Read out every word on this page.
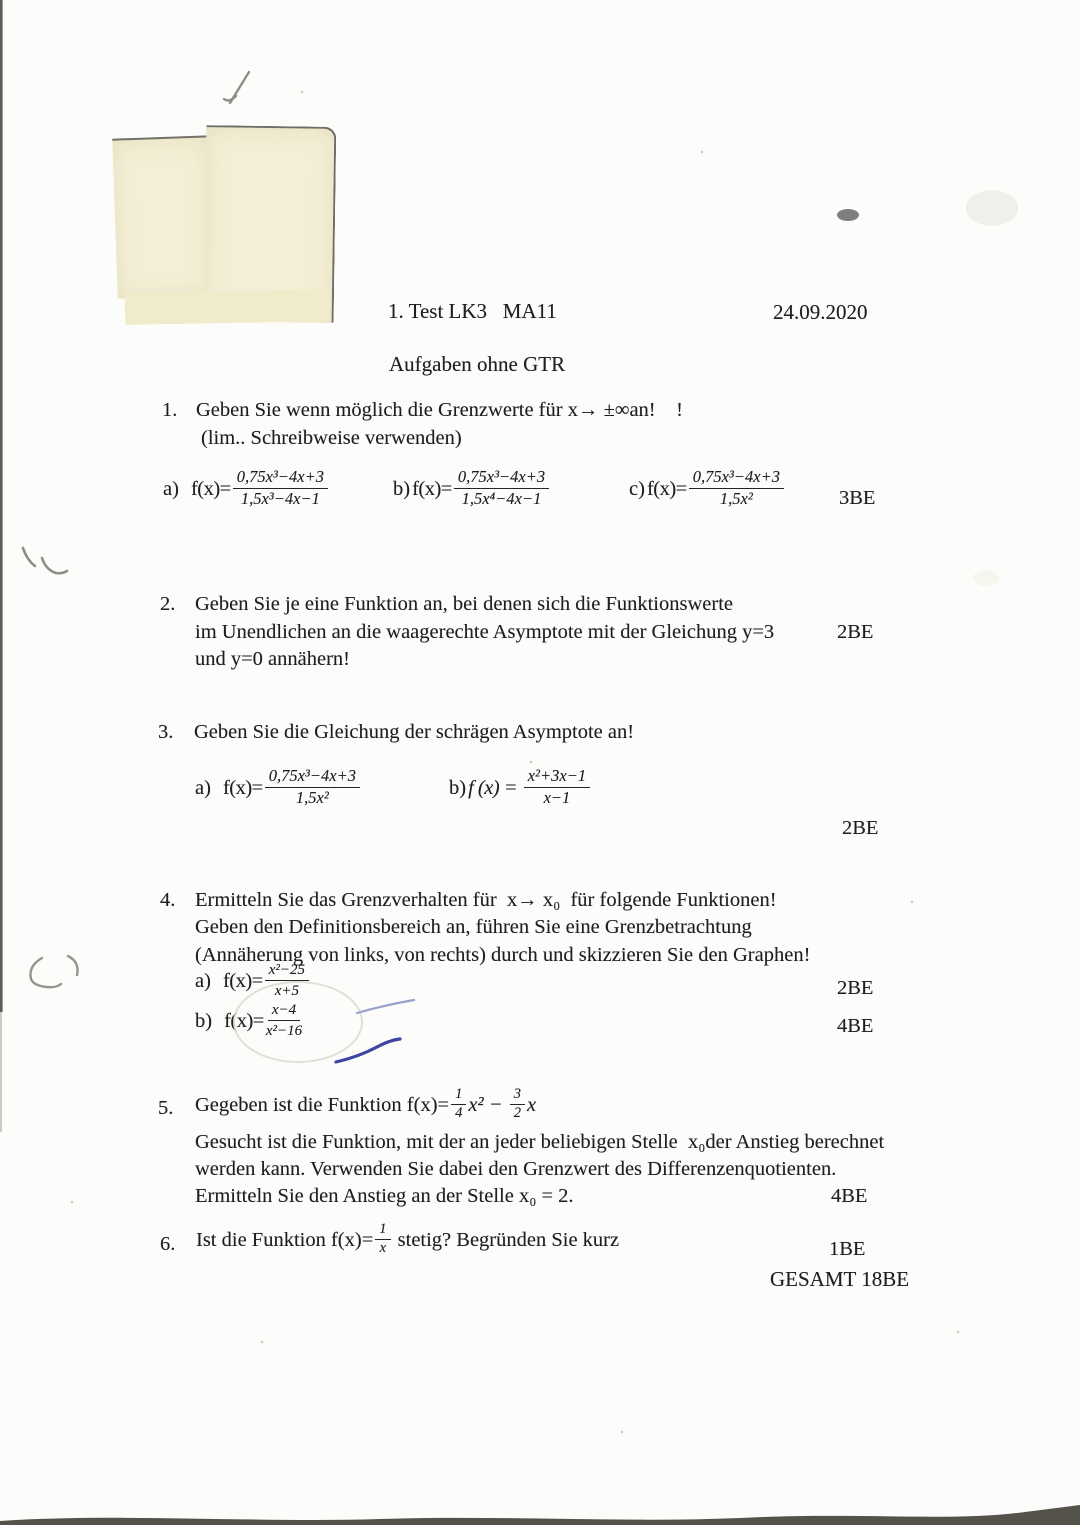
1. Test LK3   MA11	24.09.2020
Aufgaben ohne GTR
1. Geben Sie wenn möglich die Grenzwerte für x→ ±∞an!    !
(lim.. Schreibweise verwenden)
a) $f(x)= \frac{\text{0,75x³−4x+3}}{\text{1,5x³−4x−1}}$	b) $f(x)= \frac{\text{0,75x³−4x+3}}{\text{1,5x⁴−4x−1}}$	c) $f(x)= \frac{\text{0,75x³−4x+3}}{\text{1,5x²}}$	3BE
2. Geben Sie je eine Funktion an, bei denen sich die Funktionswerte
im Unendlichen an die waagerechte Asymptote mit der Gleichung y=3
und y=0 annähern!
2BE
3. Geben Sie die Gleichung der schrägen Asymptote an!
a) $f(x)= \frac{\text{0,75x³−4x+3}}{\text{1,5x²}}$	b) f $(x) = \frac{\text{x²+3x−1}}{x-1}$
2BE
4. Ermitteln Sie das Grenzverhalten für  x→ x₀  für folgende Funktionen!
Geben den Definitionsbereich an, führen Sie eine Grenzbetrachtung
(Annäherung von links, von rechts) durch und skizzieren Sie den Graphen!
a) $f(x)= \frac{\text{x²−25}}{x+5}$	2BE
b) $f(x)= \frac{x-4}{\text{x²−16}}$	4BE
5. Gegeben ist die Funktion $f(x)= \frac{1}{4} x^2 - \frac{3}{2}$ x
Gesucht ist die Funktion, mit der an jeder beliebigen Stelle  x₀der Anstieg berechnet
werden kann. Verwenden Sie dabei den Grenzwert des Differenzenquotienten.
Ermitteln Sie den Anstieg an der Stelle x₀ = 2.	4BE
6. Ist die Funktion $f(x)= \frac{1}{x}$ stetig? Begründen Sie kurz	1BE
GESAMT 18BE
